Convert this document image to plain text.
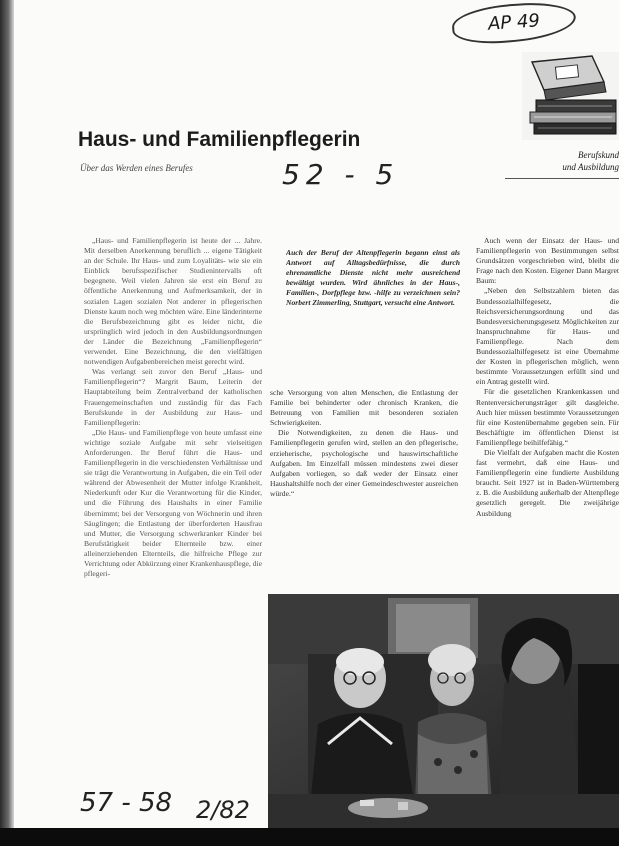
AP 49
Haus- und Familienpflegerin
Über das Werden eines Berufes	52 - 5
Berufskund
und Ausbildung

„Haus- und Familienpflegerin ist heute der ... Jahre. Mit derselben Anerkennung beruflich ... eigene Tätigkeit an der Schule. Ihr Haus- und zum Loyalitäts- wie sie ein Einblick berufsspezifischer Studienintervalls oft begegnete. Weil vielen Jahren sie erst ein Beruf zu öffentliche Anerkennung und Aufmerksamkeit, der in sozialen Lagen sozialen Not anderer in pflegerischen Dienste kaum noch weg möchten wäre. Eine länderinterne die Berufsbezeichnung gibt es leider nicht, die ursprünglich wird jedoch in den Ausbildungsordnungen der Länder die Bezeichnung „Familienpflegerin“ verwendet. Eine Bezeichnung, die den vielfältigen notwendigen Aufgabenbereichen meist gerecht wird.

Was verlangt seit zuvor den Beruf „Haus- und Familienpflegerin“? Margrit Baum, Leiterin der Hauptabteilung beim Zentralverband der katholischen Frauengemeinschaften und zuständig für das Fach Berufskunde in der Ausbildung zur Haus- und Familienpflegerin:

„Die Haus- und Familienpflege von heute umfasst eine wichtige soziale Aufgabe mit sehr vielseitigen Anforderungen. Ihr Beruf führt die Haus- und Familienpflegerin in die verschiedensten Verhältnisse und sie trägt die Verantwortung in Aufgaben, die ein Teil oder während der Abwesenheit der Mutter infolge Krankheit, Niederkunft oder Kur die Verantwortung für die Kinder, und die Führung des Haushalts in einer Familie übernimmt; bei der Versorgung von Wöchnerin und ihren Säuglingen; die Entlastung der überforderten Hausfrau und Mutter, die Versorgung schwerkranker Kinder bei Berufstätigkeit beider Elternteile bzw. einer alleinerziehenden Elternteils, die hilfreiche Pflege zur Verrichtung oder Abkürzung einer Krankenhauspflege, die pflegeri-

Auch der Beruf der Altenpflegerin begann einst als Antwort auf Alltagsbedürfnisse, die durch ehrenamtliche Dienste nicht mehr ausreichend bewältigt wurden. Wird ähnliches in der Haus-, Familien-, Dorfpflege bzw. -hilfe zu verzeichnen sein? Norbert Zimmerling, Stuttgart, versucht eine Antwort.

sche Versorgung von alten Menschen, die Entlastung der Familie bei behinderter oder chronisch Kranken, die Betreuung von Familien mit besonderen sozialen Schwierigkeiten.

Die Notwendigkeiten, zu denen die Haus- und Familienpflegerin gerufen wird, stellen an den pflegerische, erzieherische, psychologische und hauswirtschaftliche Aufgaben. Im Einzelfall müssen mindestens zwei dieser Aufgaben vorliegen, so daß weder der Einsatz einer Haushaltshilfe noch der einer Gemeindeschwester ausreichen würde.“

Auch wenn der Einsatz der Haus- und Familienpflegerin von Bestimmungen selbst Grundsätzen vorgeschrieben wird, bleibt die Frage nach den Kosten. Eigener Dann Margret Baum:

„Neben den Selbstzahlern bieten das Bundessozialhilfegesetz, die Reichsversicherungsordnung und das Bundesversicherungsgesetz Möglichkeiten zur Inanspruchnahme für Haus- und Familienpflege. Nach dem Bundessozialhilfegesetz ist eine Übernahme der Kosten in pflegerischen möglich, wenn bestimmte Voraussetzungen erfüllt sind und ein Antrag gestellt wird.

Für die gesetzlichen Krankenkassen und Rentenversicherungsträger gilt dasgleiche. Auch hier müssen bestimmte Voraussetzungen für eine Kostenübernahme gegeben sein. Für Beschäftigte im öffentlichen Dienst ist Familienpflege beihilfefähig.“

Die Vielfalt der Aufgaben macht die Kosten fast vermehrt, daß eine Haus- und Familienpflegerin eine fundierte Ausbildung braucht. Seit 1927 ist in Baden-Württemberg z. B. die Ausbildung außerhalb der Altenpflege gesetzlich geregelt. Die zweijährige Ausbildung

57 - 58 2/82
